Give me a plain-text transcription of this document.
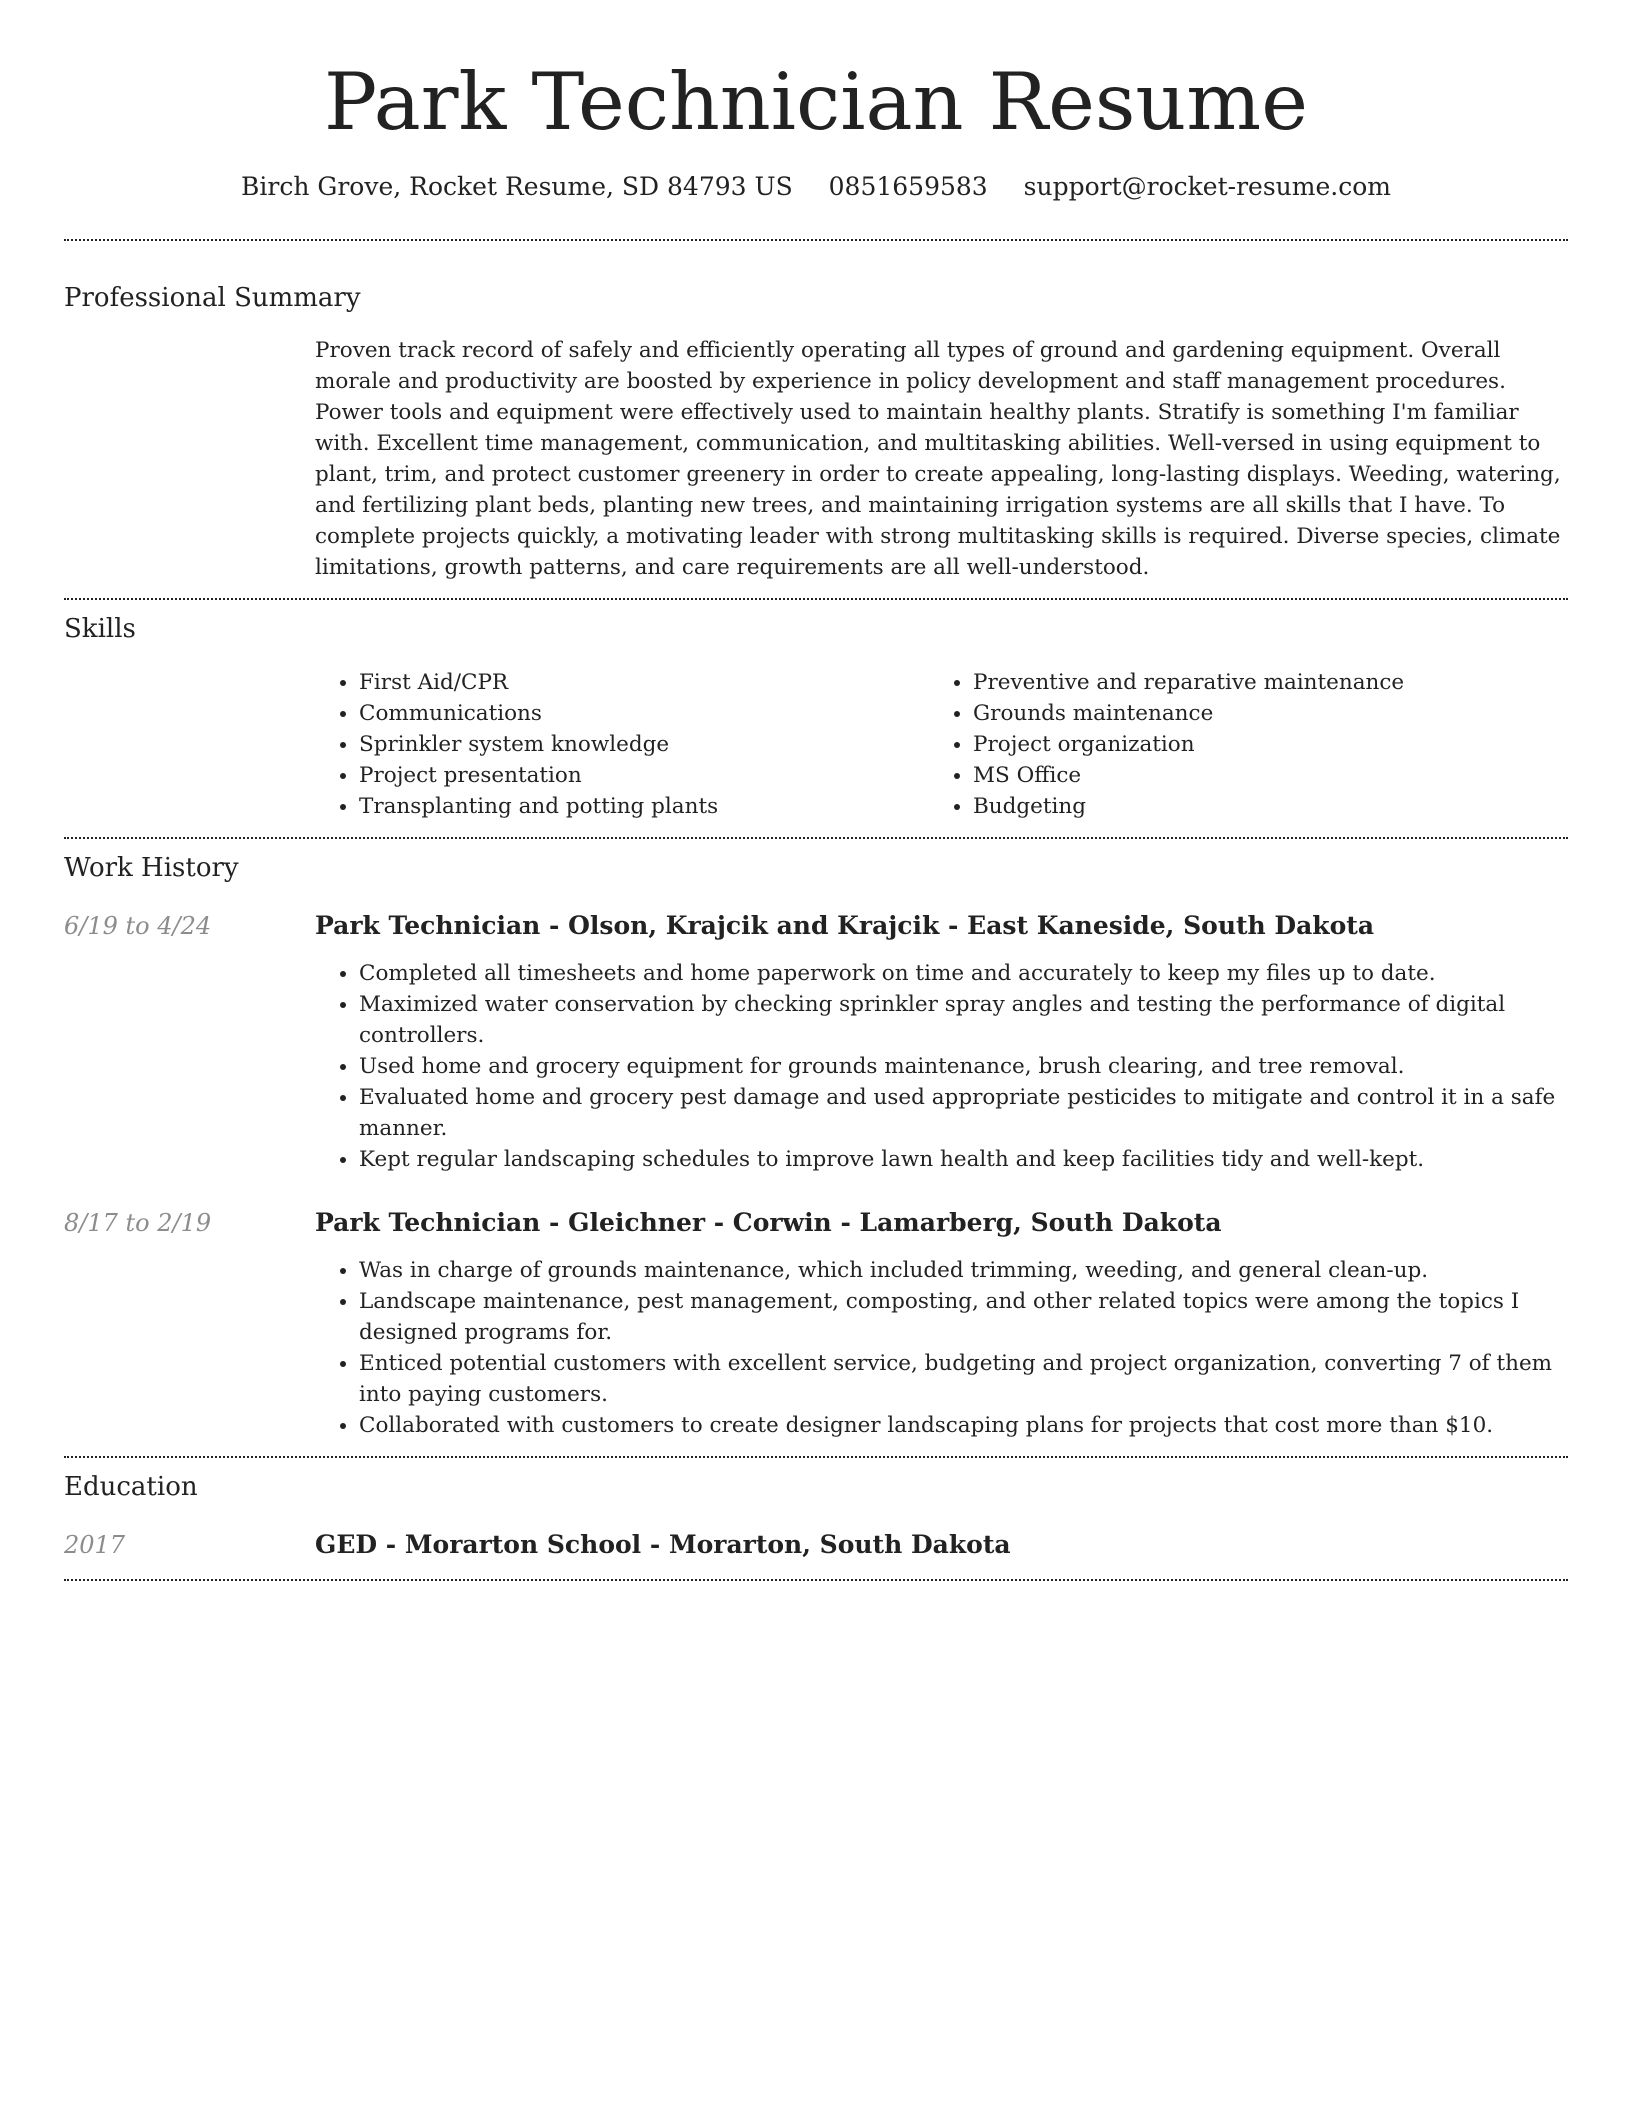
Park Technician Resume
Birch Grove, Rocket Resume, SD 84793 US 0851659583 support@rocket-resume.com
Professional Summary

Proven track record of safely and efficiently operating all types of ground and gardening equipment. Overall morale and productivity are boosted by experience in policy development and staff management procedures. Power tools and equipment were effectively used to maintain healthy plants. Stratify is something I'm familiar with. Excellent time management, communication, and multitasking abilities. Well-versed in using equipment to plant, trim, and protect customer greenery in order to create appealing, long-lasting displays. Weeding, watering, and fertilizing plant beds, planting new trees, and maintaining irrigation systems are all skills that I have. To complete projects quickly, a motivating leader with strong multitasking skills is required. Diverse species, climate limitations, growth patterns, and care requirements are all well-understood.

Skills
• First Aid/CPR
• Communications
• Sprinkler system knowledge
• Project presentation
• Transplanting and potting plants
• Preventive and reparative maintenance
• Grounds maintenance
• Project organization
• MS Office
• Budgeting
Work History
6/19 to 4/24	Park Technician - Olson, Krajcik and Krajcik - East Kaneside, South Dakota
• Completed all timesheets and home paperwork on time and accurately to keep my files up to date.
• Maximized water conservation by checking sprinkler spray angles and testing the performance of digital controllers.
• Used home and grocery equipment for grounds maintenance, brush clearing, and tree removal.
• Evaluated home and grocery pest damage and used appropriate pesticides to mitigate and control it in a safe manner.
• Kept regular landscaping schedules to improve lawn health and keep facilities tidy and well-kept.
8/17 to 2/19	Park Technician - Gleichner - Corwin - Lamarberg, South Dakota
• Was in charge of grounds maintenance, which included trimming, weeding, and general clean-up.
• Landscape maintenance, pest management, composting, and other related topics were among the topics I designed programs for.
• Enticed potential customers with excellent service, budgeting and project organization, converting 7 of them into paying customers.
• Collaborated with customers to create designer landscaping plans for projects that cost more than $10.
Education
2017	GED - Morarton School - Morarton, South Dakota
